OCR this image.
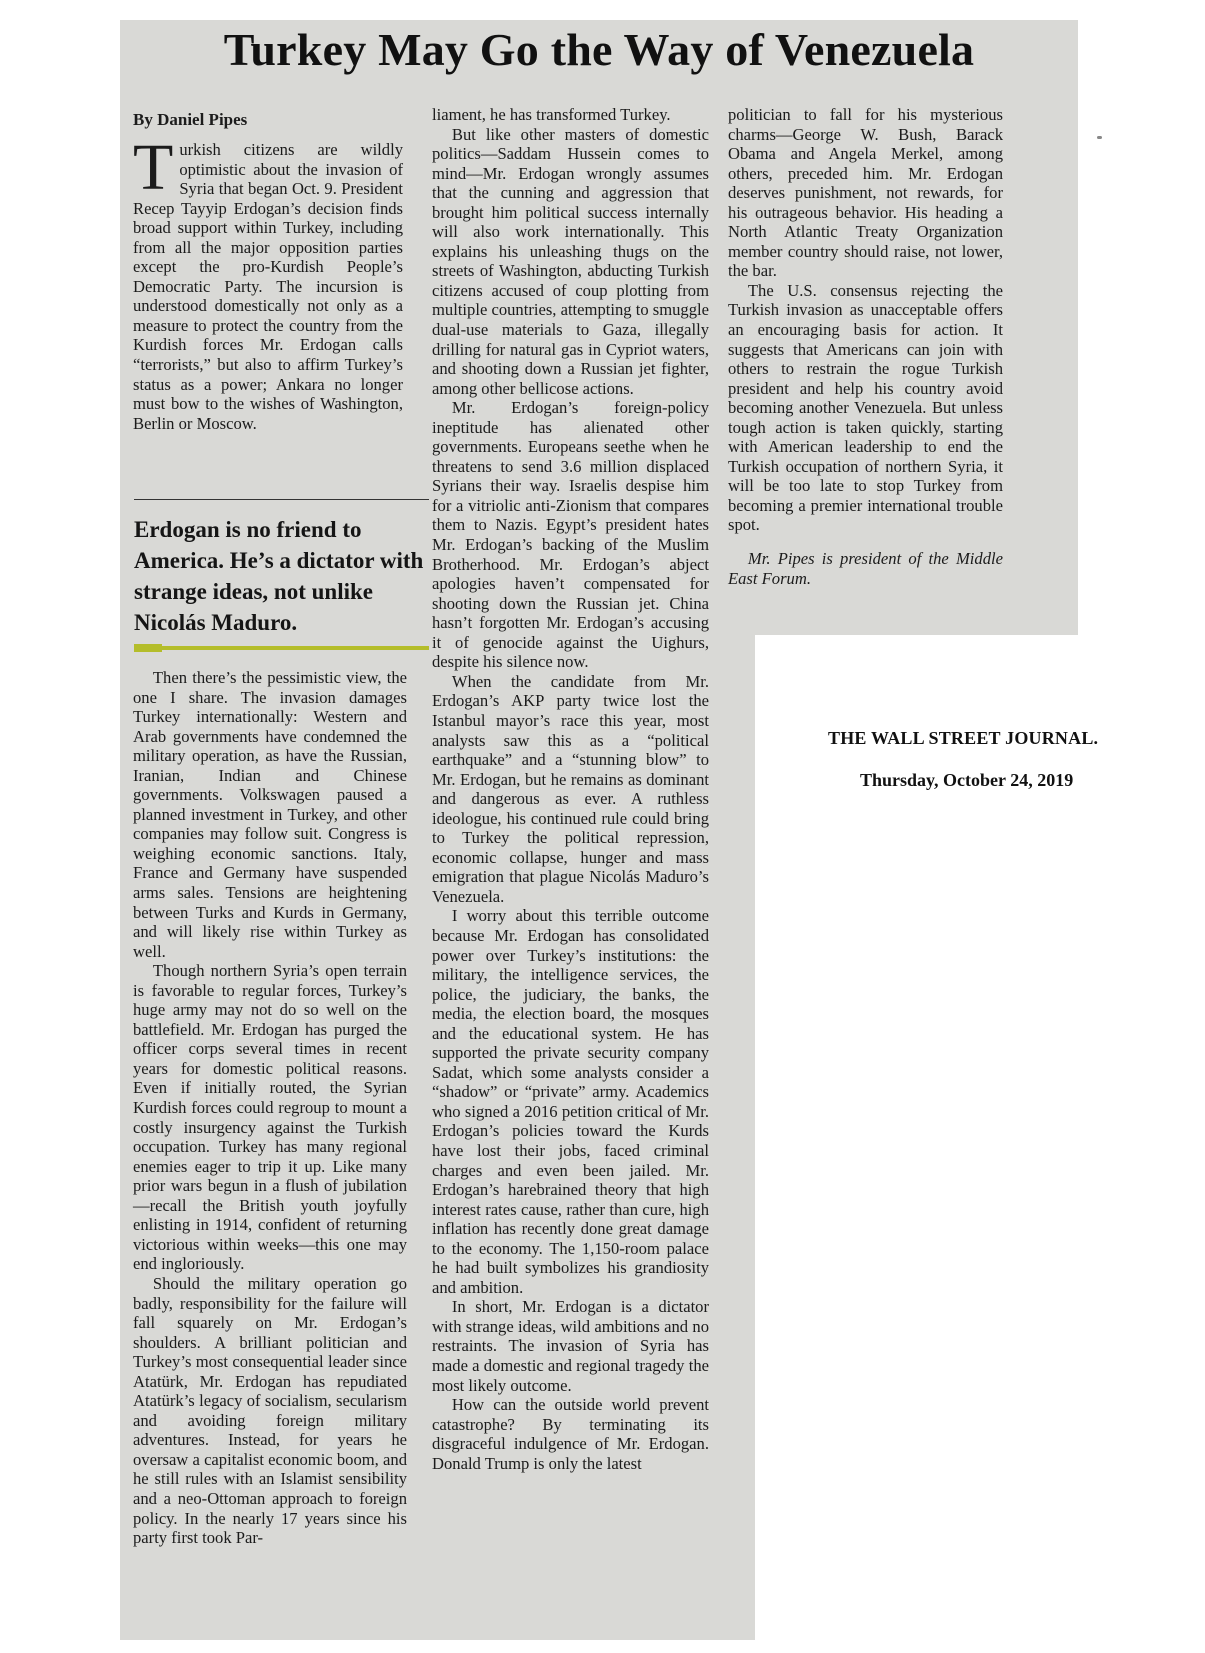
Turkey May Go the Way of Venezuela
By Daniel Pipes

Turkish citizens are wildly optimistic about the invasion of Syria that began Oct. 9. President Recep Tayyip Erdogan’s decision finds broad support within Turkey, including from all the major opposition parties except the pro-Kurdish People’s Democratic Party. The incursion is understood domestically not only as a measure to protect the country from the Kurdish forces Mr. Erdogan calls “terrorists,” but also to affirm Turkey’s status as a power; Ankara no longer must bow to the wishes of Washington, Berlin or Moscow.

Erdogan is no friend to America. He’s a dictator with strange ideas, not unlike Nicolás Maduro.

Then there’s the pessimistic view, the one I share. The invasion damages Turkey internationally: Western and Arab governments have condemned the military operation, as have the Russian, Iranian, Indian and Chinese governments. Volkswagen paused a planned investment in Turkey, and other companies may follow suit. Congress is weighing economic sanctions. Italy, France and Germany have suspended arms sales. Tensions are heightening between Turks and Kurds in Germany, and will likely rise within Turkey as well.

Though northern Syria’s open terrain is favorable to regular forces, Turkey’s huge army may not do so well on the battlefield. Mr. Erdogan has purged the officer corps several times in recent years for domestic political reasons. Even if initially routed, the Syrian Kurdish forces could regroup to mount a costly insurgency against the Turkish occupation. Turkey has many regional enemies eager to trip it up. Like many prior wars begun in a flush of jubilation—recall the British youth joyfully enlisting in 1914, confident of returning victorious within weeks—this one may end ingloriously.

Should the military operation go badly, responsibility for the failure will fall squarely on Mr. Erdogan’s shoulders. A brilliant politician and Turkey’s most consequential leader since Atatürk, Mr. Erdogan has repudiated Atatürk’s legacy of socialism, secularism and avoiding foreign military adventures. Instead, for years he oversaw a capitalist economic boom, and he still rules with an Islamist sensibility and a neo-Ottoman approach to foreign policy. In the nearly 17 years since his party first took Par-

liament, he has transformed Turkey.

But like other masters of domestic politics—Saddam Hussein comes to mind—Mr. Erdogan wrongly assumes that the cunning and aggression that brought him political success internally will also work internationally. This explains his unleashing thugs on the streets of Washington, abducting Turkish citizens accused of coup plotting from multiple countries, attempting to smuggle dual-use materials to Gaza, illegally drilling for natural gas in Cypriot waters, and shooting down a Russian jet fighter, among other bellicose actions.

Mr. Erdogan’s foreign-policy ineptitude has alienated other governments. Europeans seethe when he threatens to send 3.6 million displaced Syrians their way. Israelis despise him for a vitriolic anti-Zionism that compares them to Nazis. Egypt’s president hates Mr. Erdogan’s backing of the Muslim Brotherhood. Mr. Erdogan’s abject apologies haven’t compensated for shooting down the Russian jet. China hasn’t forgotten Mr. Erdogan’s accusing it of genocide against the Uighurs, despite his silence now.

When the candidate from Mr. Erdogan’s AKP party twice lost the Istanbul mayor’s race this year, most analysts saw this as a “political earthquake” and a “stunning blow” to Mr. Erdogan, but he remains as dominant and dangerous as ever. A ruthless ideologue, his continued rule could bring to Turkey the political repression, economic collapse, hunger and mass emigration that plague Nicolás Maduro’s Venezuela.

I worry about this terrible outcome because Mr. Erdogan has consolidated power over Turkey’s institutions: the military, the intelligence services, the police, the judiciary, the banks, the media, the election board, the mosques and the educational system. He has supported the private security company Sadat, which some analysts consider a “shadow” or “private” army. Academics who signed a 2016 petition critical of Mr. Erdogan’s policies toward the Kurds have lost their jobs, faced criminal charges and even been jailed. Mr. Erdogan’s harebrained theory that high interest rates cause, rather than cure, high inflation has recently done great damage to the economy. The 1,150-room palace he had built symbolizes his grandiosity and ambition.

In short, Mr. Erdogan is a dictator with strange ideas, wild ambitions and no restraints. The invasion of Syria has made a domestic and regional tragedy the most likely outcome.

How can the outside world prevent catastrophe? By terminating its disgraceful indulgence of Mr. Erdogan. Donald Trump is only the latest

politician to fall for his mysterious charms—George W. Bush, Barack Obama and Angela Merkel, among others, preceded him. Mr. Erdogan deserves punishment, not rewards, for his outrageous behavior. His heading a North Atlantic Treaty Organization member country should raise, not lower, the bar.

The U.S. consensus rejecting the Turkish invasion as unacceptable offers an encouraging basis for action. It suggests that Americans can join with others to restrain the rogue Turkish president and help his country avoid becoming another Venezuela. But unless tough action is taken quickly, starting with American leadership to end the Turkish occupation of northern Syria, it will be too late to stop Turkey from becoming a premier international trouble spot.

Mr. Pipes is president of the Middle East Forum.

THE WALL STREET JOURNAL.
Thursday, October 24, 2019
